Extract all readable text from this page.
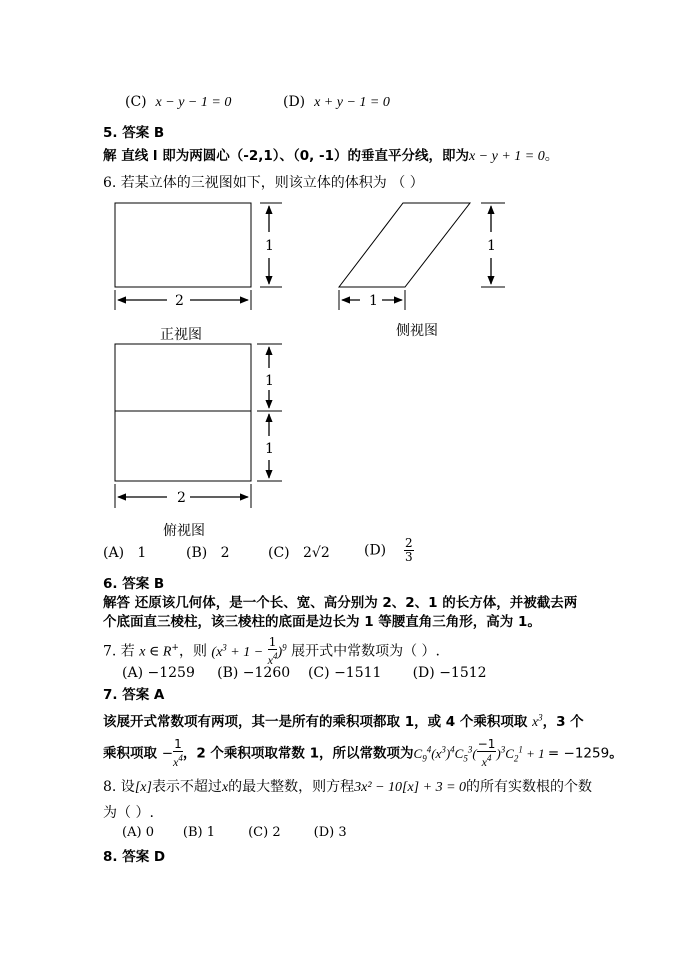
(C) x − y − 1 = 0	(D) x + y − 1 = 0
5. 答案 B
解 直线 l 即为两圆心（-2,1）、（0, -1）的垂直平分线，即为x − y + 1 = 0。
6. 若某立体的三视图如下，则该立体的体积为 （ ）
2
1
正视图
1
1
侧视图
1
1
2
俯视图
(A) 1	(B) 2	(C) 2√2 $(D) \frac{2}{3}$
6. 答案 B
解答 还原该几何体，是一个长、宽、高分别为 2、2、1 的长方体，并被截去两
个底面直三棱柱，该三棱柱的底面是边长为 1 等腰直角三角形，高为 1。
7. 若 x ∈ R+，则 $(x^3 + 1 - \frac{1}{x^4} )^9$ 展开式中常数项为（ ）.
(A) −1259 (B) −1260 (C) −1511 (D) −1512
7. 答案 A
该展开式常数项有两项，其一是所有的乘积项都取 1，或 4 个乘积项取 $x^3$，3 个
乘积项取 − $\frac{1}{x^4}$ ，2 个乘积项取常数 1，所以常数项为$C_9^4(x^3)^4C_5^3( \frac{-1}{x^4} )^3C_2^1 + 1 = -1259$。
8. 设[x]表示不超过x的最大整数，则方程3x² − 10[x] + 3 = 0的所有实数根的个数
为（ ）.
(A) 0 (B) 1	(C) 2	(D) 3
8. 答案 D
